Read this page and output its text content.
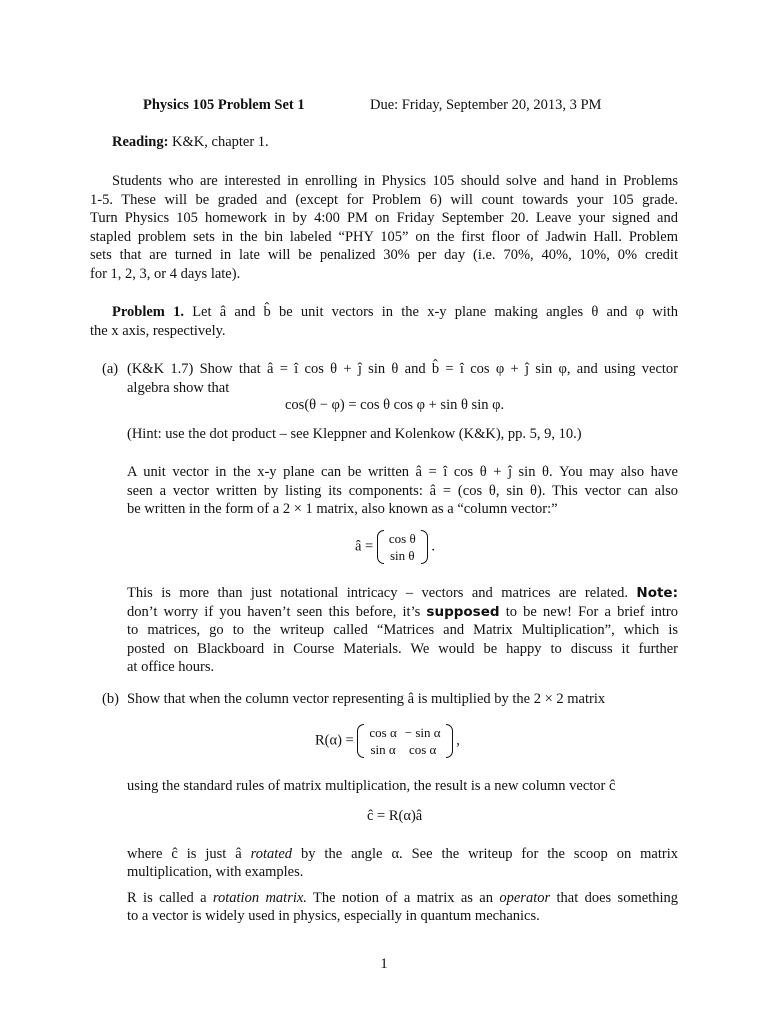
Physics 105 Problem Set 1	Due: Friday, September 20, 2013, 3 PM
Reading: K&K, chapter 1.
Students who are interested in enrolling in Physics 105 should solve and hand in Problems
1-5. These will be graded and (except for Problem 6) will count towards your 105 grade.
Turn Physics 105 homework in by 4:00 PM on Friday September 20. Leave your signed and
stapled problem sets in the bin labeled “PHY 105” on the first floor of Jadwin Hall. Problem
sets that are turned in late will be penalized 30% per day (i.e. 70%, 40%, 10%, 0% credit
for 1, 2, 3, or 4 days late).
Problem 1. Let â and b̂ be unit vectors in the x-y plane making angles θ and φ with
the x axis, respectively.
(a) (K&K 1.7) Show that â = î cos θ + ĵ sin θ and b̂ = î cos φ + ĵ sin φ, and using vector
algebra show that
cos(θ − φ) = cos θ cos φ + sin θ sin φ.
(Hint: use the dot product – see Kleppner and Kolenkow (K&K), pp. 5, 9, 10.)
A unit vector in the x-y plane can be written â = î cos θ + ĵ sin θ. You may also have
seen a vector written by listing its components: â = (cos θ, sin θ). This vector can also
be written in the form of a 2 × 1 matrix, also known as a “column vector:”
â = cos θ
sin θ
.
This is more than just notational intricacy – vectors and matrices are related. Note:
don’t worry if you haven’t seen this before, it’s supposed to be new! For a brief intro
to matrices, go to the writeup called “Matrices and Matrix Multiplication”, which is
posted on Blackboard in Course Materials. We would be happy to discuss it further
at office hours.
(b) Show that when the column vector representing â is multiplied by the 2 × 2 matrix
R(α) = cos α	− sin α
sin α	cos α
,
using the standard rules of matrix multiplication, the result is a new column vector ĉ
ĉ = R(α)â
where ĉ is just â rotated by the angle α. See the writeup for the scoop on matrix
multiplication, with examples.
R is called a rotation matrix. The notion of a matrix as an operator that does something
to a vector is widely used in physics, especially in quantum mechanics.
1
